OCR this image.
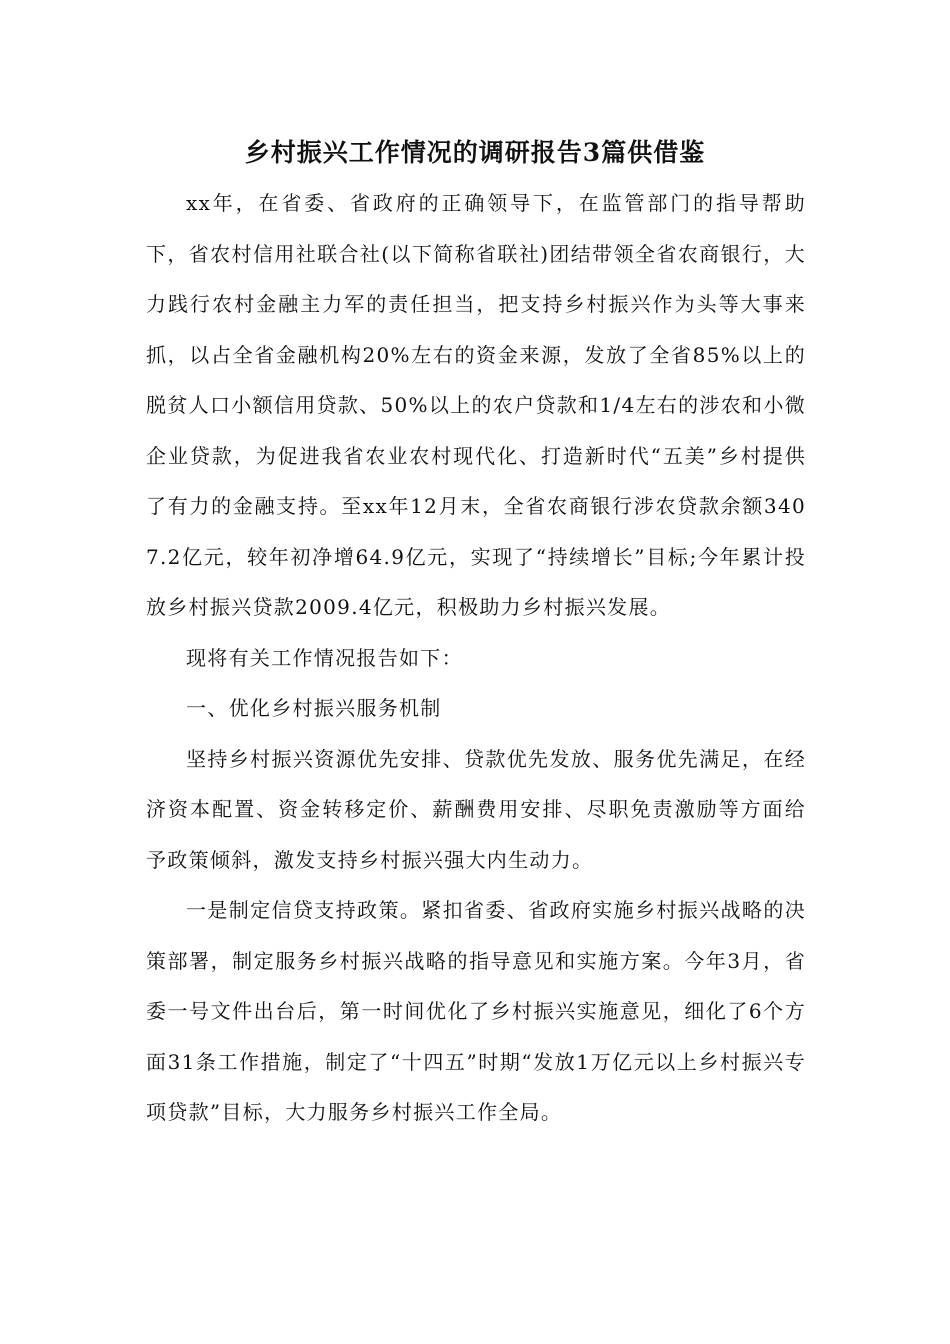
乡村振兴工作情况的调研报告3篇供借鉴

xx年，在省委、省政府的正确领导下，在监管部门的指导帮助下，省农村信用社联合社(以下简称省联社)团结带领全省农商银行，大力践行农村金融主力军的责任担当，把支持乡村振兴作为头等大事来抓，以占全省金融机构20%左右的资金来源，发放了全省85%以上的脱贫人口小额信用贷款、50%以上的农户贷款和1/4左右的涉农和小微企业贷款，为促进我省农业农村现代化、打造新时代“五美”乡村提供了有力的金融支持。至xx年12月末，全省农商银行涉农贷款余额3407.2亿元，较年初净增64.9亿元，实现了“持续增长”目标;今年累计投放乡村振兴贷款2009.4亿元，积极助力乡村振兴发展。

现将有关工作情况报告如下：

一、优化乡村振兴服务机制

坚持乡村振兴资源优先安排、贷款优先发放、服务优先满足，在经济资本配置、资金转移定价、薪酬费用安排、尽职免责激励等方面给予政策倾斜，激发支持乡村振兴强大内生动力。

一是制定信贷支持政策。紧扣省委、省政府实施乡村振兴战略的决策部署，制定服务乡村振兴战略的指导意见和实施方案。今年3月，省委一号文件出台后，第一时间优化了乡村振兴实施意见，细化了6个方面31条工作措施，制定了“十四五”时期“发放1万亿元以上乡村振兴专项贷款”目标，大力服务乡村振兴工作全局。
